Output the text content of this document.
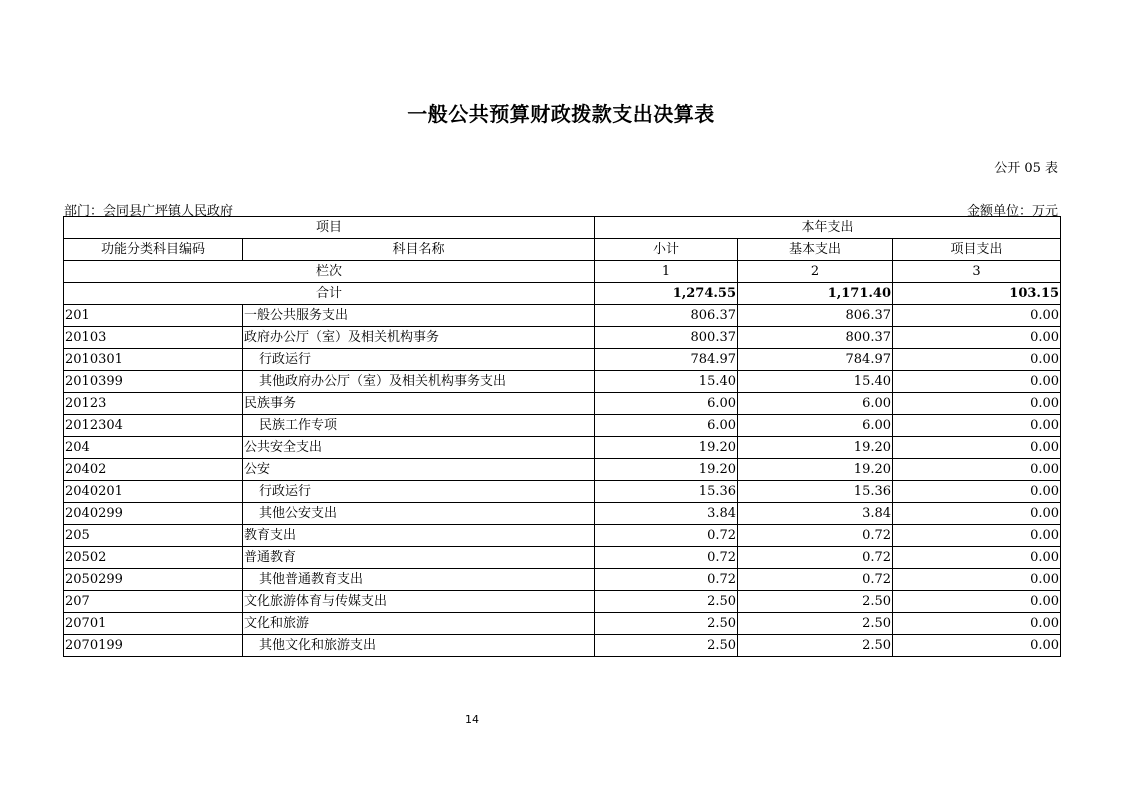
一般公共预算财政拨款支出决算表
公开 05 表
部门：会同县广坪镇人民政府	金额单位：万元
项目		本年支出		
功能分类科目编码	科目名称	小计	基本支出	项目支出
栏次		1	2	3
合计		1,274.55	1,171.40	103.15
201	一般公共服务支出	806.37	806.37	0.00
20103	政府办公厅（室）及相关机构事务	800.37	800.37	0.00
2010301	行政运行	784.97	784.97	0.00
2010399	其他政府办公厅（室）及相关机构事务支出	15.40	15.40	0.00
20123	民族事务	6.00	6.00	0.00
2012304	民族工作专项	6.00	6.00	0.00
204	公共安全支出	19.20	19.20	0.00
20402	公安	19.20	19.20	0.00
2040201	行政运行	15.36	15.36	0.00
2040299	其他公安支出	3.84	3.84	0.00
205	教育支出	0.72	0.72	0.00
20502	普通教育	0.72	0.72	0.00
2050299	其他普通教育支出	0.72	0.72	0.00
207	文化旅游体育与传媒支出	2.50	2.50	0.00
20701	文化和旅游	2.50	2.50	0.00
2070199	其他文化和旅游支出	2.50	2.50	0.00
14
